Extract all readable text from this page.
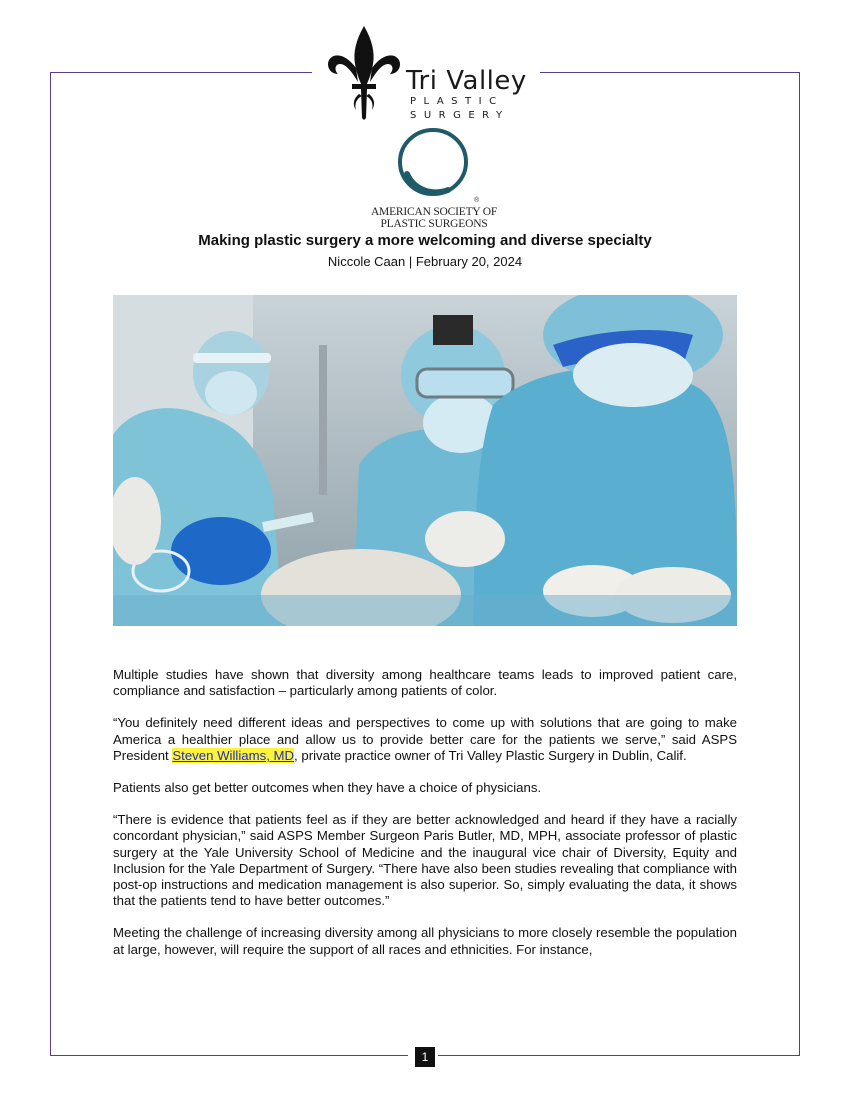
Tri Valley
PLASTIC
SURGERY
®
AMERICAN SOCIETY OF
PLASTIC SURGEONS
Making plastic surgery a more welcoming and diverse specialty
Niccole Caan | February 20, 2024

Multiple studies have shown that diversity among healthcare teams leads to improved patient care, compliance and satisfaction – particularly among patients of color.

“You definitely need different ideas and perspectives to come up with solutions that are going to make America a healthier place and allow us to provide better care for the patients we serve,” said ASPS President Steven Williams, MD, private practice owner of Tri Valley Plastic Surgery in Dublin, Calif.

Patients also get better outcomes when they have a choice of physicians.

“There is evidence that patients feel as if they are better acknowledged and heard if they have a racially concordant physician,” said ASPS Member Surgeon Paris Butler, MD, MPH, associate professor of plastic surgery at the Yale University School of Medicine and the inaugural vice chair of Diversity, Equity and Inclusion for the Yale Department of Surgery. “There have also been studies revealing that compliance with post-op instructions and medication management is also superior. So, simply evaluating the data, it shows that the patients tend to have better outcomes.”

Meeting the challenge of increasing diversity among all physicians to more closely resemble the population at large, however, will require the support of all races and ethnicities. For instance,

1
